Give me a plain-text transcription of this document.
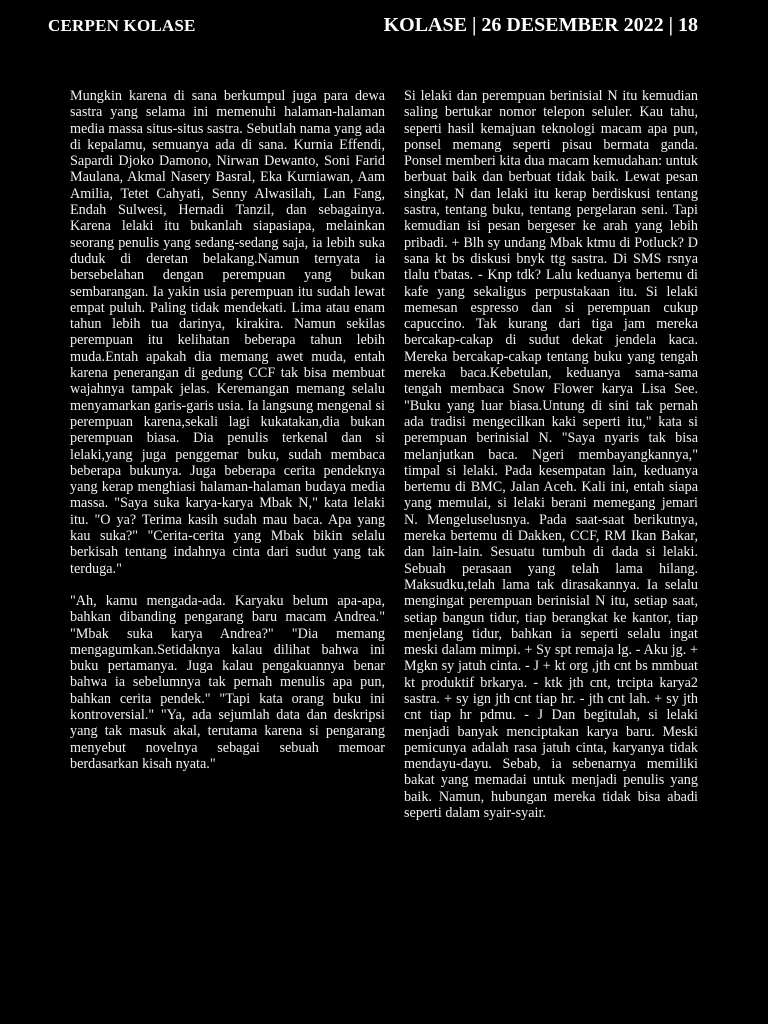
CERPEN KOLASE	KOLASE | 26 DESEMBER 2022 | 18

Mungkin karena di sana berkumpul juga para dewa sastra yang selama ini memenuhi halaman-halaman media massa situs-situs sastra. Sebutlah nama yang ada di kepalamu, semuanya ada di sana. Kurnia Effendi, Sapardi Djoko Damono, Nirwan Dewanto, Soni Farid Maulana, Akmal Nasery Basral, Eka Kurniawan, Aam Amilia, Tetet Cahyati, Senny Alwasilah, Lan Fang, Endah Sulwesi, Hernadi Tanzil, dan sebagainya. Karena lelaki itu bukanlah siapasiapa, melainkan seorang penulis yang sedang-sedang saja, ia lebih suka duduk di deretan belakang.Namun ternyata ia bersebelahan dengan perempuan yang bukan sembarangan. Ia yakin usia perempuan itu sudah lewat empat puluh. Paling tidak mendekati. Lima atau enam tahun lebih tua darinya, kirakira. Namun sekilas perempuan itu kelihatan beberapa tahun lebih muda.Entah apakah dia memang awet muda, entah karena penerangan di gedung CCF tak bisa membuat wajahnya tampak jelas. Keremangan memang selalu menyamarkan garis-garis usia. Ia langsung mengenal si perempuan karena,sekali lagi kukatakan,dia bukan perempuan biasa. Dia penulis terkenal dan si lelaki,yang juga penggemar buku, sudah membaca beberapa bukunya. Juga beberapa cerita pendeknya yang kerap menghiasi halaman-halaman budaya media massa. "Saya suka karya-karya Mbak N," kata lelaki itu. "O ya? Terima kasih sudah mau baca. Apa yang kau suka?" "Cerita-cerita yang Mbak bikin selalu berkisah tentang indahnya cinta dari sudut yang tak terduga."

"Ah, kamu mengada-ada. Karyaku belum apa-apa, bahkan dibanding pengarang baru macam Andrea." "Mbak suka karya Andrea?" "Dia memang mengagumkan.Setidaknya kalau dilihat bahwa ini buku pertamanya. Juga kalau pengakuannya benar bahwa ia sebelumnya tak pernah menulis apa pun, bahkan cerita pendek." "Tapi kata orang buku ini kontroversial." "Ya, ada sejumlah data dan deskripsi yang tak masuk akal, terutama karena si pengarang menyebut novelnya sebagai sebuah memoar berdasarkan kisah nyata."

Si lelaki dan perempuan berinisial N itu kemudian saling bertukar nomor telepon seluler. Kau tahu, seperti hasil kemajuan teknologi macam apa pun, ponsel memang seperti pisau bermata ganda. Ponsel memberi kita dua macam kemudahan: untuk berbuat baik dan berbuat tidak baik. Lewat pesan singkat, N dan lelaki itu kerap berdiskusi tentang sastra, tentang buku, tentang pergelaran seni. Tapi kemudian isi pesan bergeser ke arah yang lebih pribadi. + Blh sy undang Mbak ktmu di Potluck? D sana kt bs diskusi bnyk ttg sastra. Di SMS rsnya tlalu t'batas. - Knp tdk? Lalu keduanya bertemu di kafe yang sekaligus perpustakaan itu. Si lelaki memesan espresso dan si perempuan cukup capuccino. Tak kurang dari tiga jam mereka bercakap-cakap di sudut dekat jendela kaca. Mereka bercakap-cakap tentang buku yang tengah mereka baca.Kebetulan, keduanya sama-sama tengah membaca Snow Flower karya Lisa See. "Buku yang luar biasa.Untung di sini tak pernah ada tradisi mengecilkan kaki seperti itu," kata si perempuan berinisial N. "Saya nyaris tak bisa melanjutkan baca. Ngeri membayangkannya," timpal si lelaki. Pada kesempatan lain, keduanya bertemu di BMC, Jalan Aceh. Kali ini, entah siapa yang memulai, si lelaki berani memegang jemari N. Mengeluselusnya. Pada saat-saat berikutnya, mereka bertemu di Dakken, CCF, RM Ikan Bakar, dan lain-lain. Sesuatu tumbuh di dada si lelaki. Sebuah perasaan yang telah lama hilang. Maksudku,telah lama tak dirasakannya. Ia selalu mengingat perempuan berinisial N itu, setiap saat, setiap bangun tidur, tiap berangkat ke kantor, tiap menjelang tidur, bahkan ia seperti selalu ingat meski dalam mimpi. + Sy spt remaja lg. - Aku jg. + Mgkn sy jatuh cinta. - J + kt org ,jth cnt bs mmbuat kt produktif brkarya. - ktk jth cnt, trcipta karya2 sastra. + sy ign jth cnt tiap hr. - jth cnt lah. + sy jth cnt tiap hr pdmu. - J Dan begitulah, si lelaki menjadi banyak menciptakan karya baru. Meski pemicunya adalah rasa jatuh cinta, karyanya tidak mendayu-dayu. Sebab, ia sebenarnya memiliki bakat yang memadai untuk menjadi penulis yang baik. Namun, hubungan mereka tidak bisa abadi seperti dalam syair-syair.
